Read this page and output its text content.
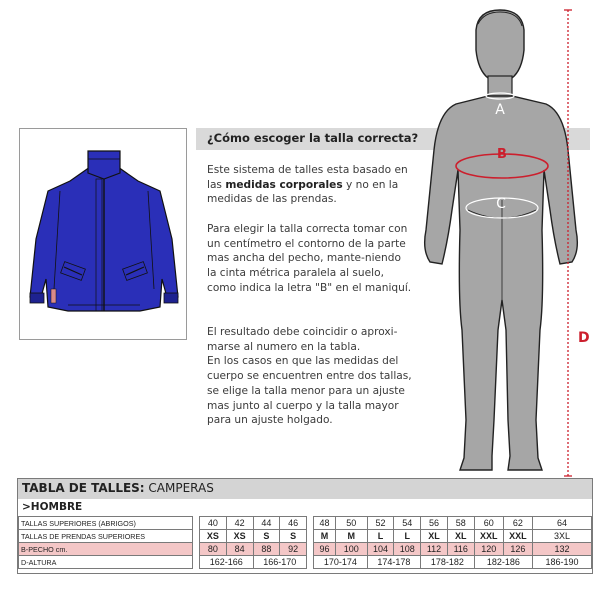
¿Cómo escoger la talla correcta?
Este sistema de talles esta basado en las medidas corporales y no en la medidas de las prendas.
Para elegir la talla correcta tomar con un centímetro el contorno de la parte mas ancha del pecho, mante-niendo la cinta métrica paralela al suelo, como indica la letra "B" en el maniquí.
El resultado debe coincidir o aproxi-marse al numero en la tabla.
En los casos en que las medidas del cuerpo se encuentren entre dos tallas, se elige la talla menor para un ajuste mas junto al cuerpo y la talla mayor para un ajuste holgado.
A
B
C
D
TABLA DE TALLES: CAMPERAS
>HOMBRE
TALLAS SUPERIORES (ABRIGOS)		40	42	44	46		48	50	52	54	56	58	60	62	64
TALLAS DE PRENDAS SUPERIORES		XS	XS	S	S		M	M	L	L	XL	XL	XXL	XXL	3XL
B-PECHO cm.		80	84	88	92		96	100	104	108	112	116	120	126	132
D-ALTURA		162-166		166-170			170-174		174-178		178-182		182-186		186-190
